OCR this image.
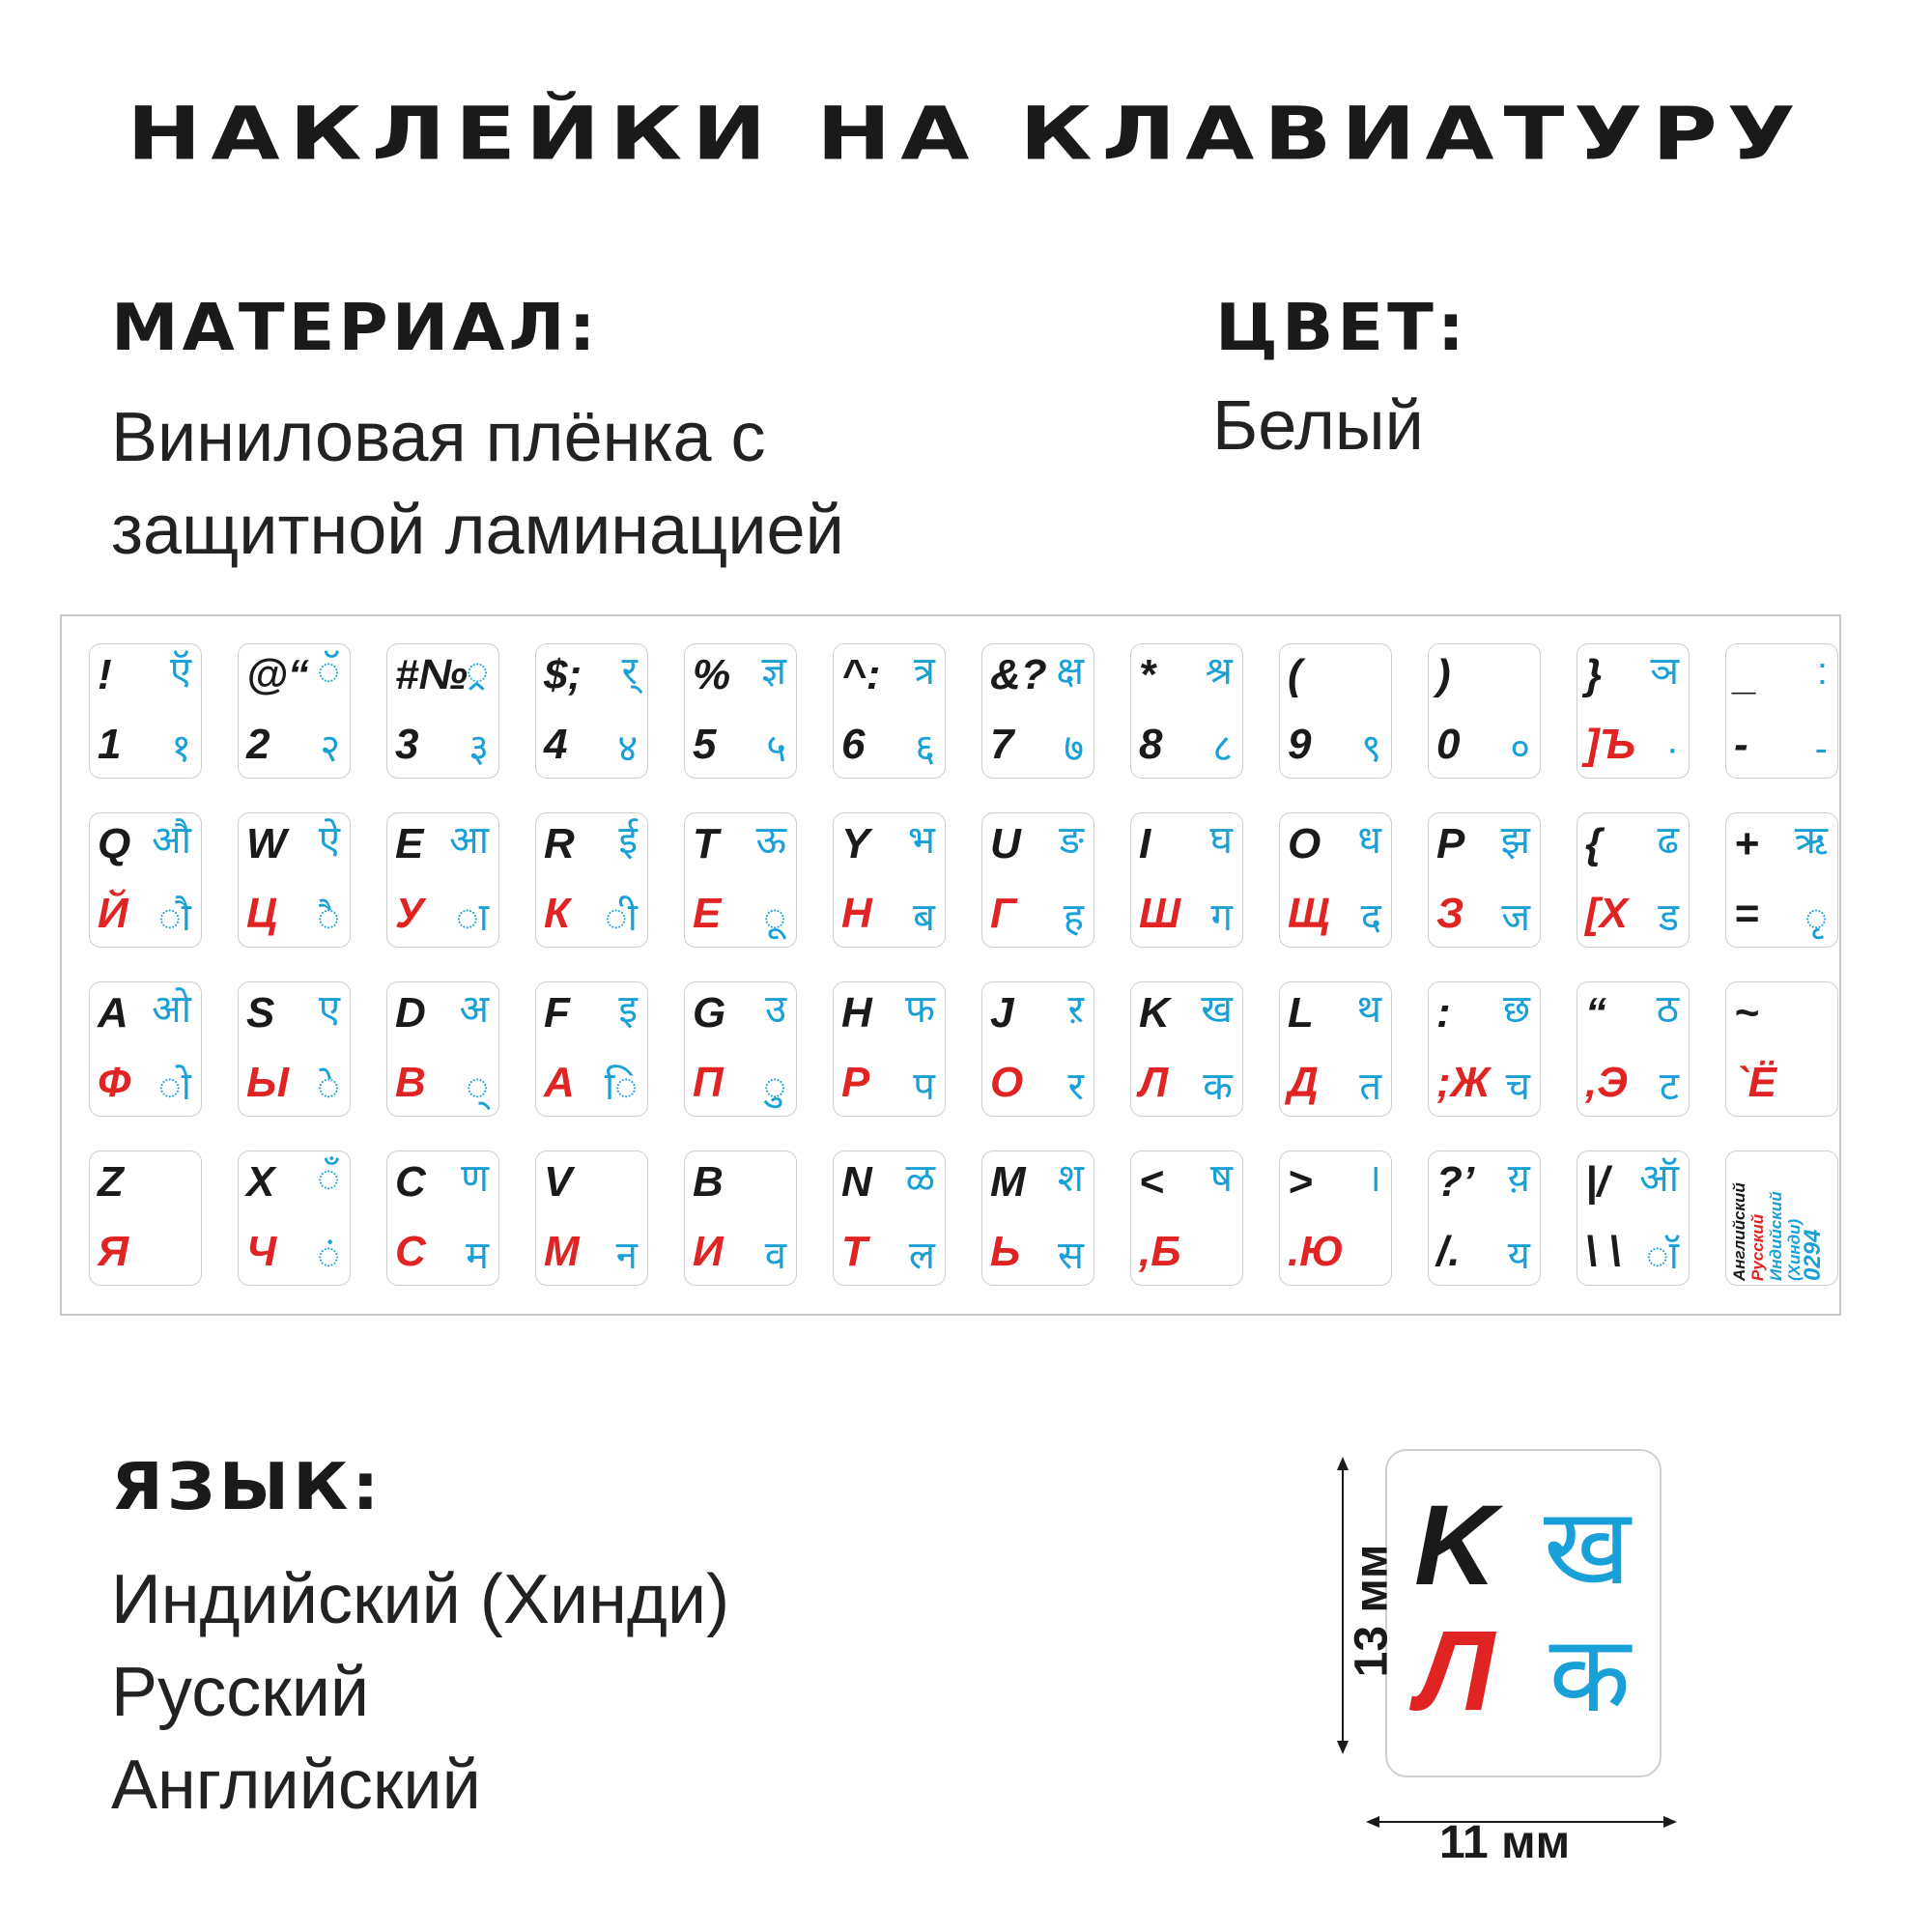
НАКЛЕЙКИ НА КЛАВИАТУРУ
МАТЕРИАЛ:
Виниловая плёнка с
защитной ламинацией
ЦВЕТ:
Белый
! ऍ
1 १
@“ ॅ
2 २
#№
्र
3 ३
$; र्
4 ४
% ज्ञ
5 ५
^: त्र
6 ६
&? क्ष
7 ७
* श्र
8 ८
(
9 ९
)
0 ०
} ञ
]Ъ ·
_ :
- -
Q औ
Й ौ
W ऐ
Ц ै
E आ
У ा
R ई
К ी
T ऊ
Е ू
Y भ
Н ब
U ङ
Г ह
I घ
Ш ग
O ध
Щ द
P झ
З ज
{ ढ
[Х ड
+ ऋ
= ृ
A ओ
Ф ो
S ए
Ы े
D अ
В ्
F इ
А ि
G उ
П ु
H फ
Р प
J ऱ
О र
K ख
Л क
L थ
Д त
: छ
;Ж च
“ ठ
,Э ट
~
`Ё
Z
Я
X ँ
Ч ं
C ण
С म
V
М न
B
И व
N ळ
Т ल
M श
Ь स
< ष
,Б
> ।
.Ю
?’ य़
/. य
|/ ऑ
\ \ ॉ	Английский Русский Индийский (Хинди)
0294
ЯЗЫК:
Индийский (Хинди)
Русский
Английский
K ख
Л क
13 мм
11 мм
